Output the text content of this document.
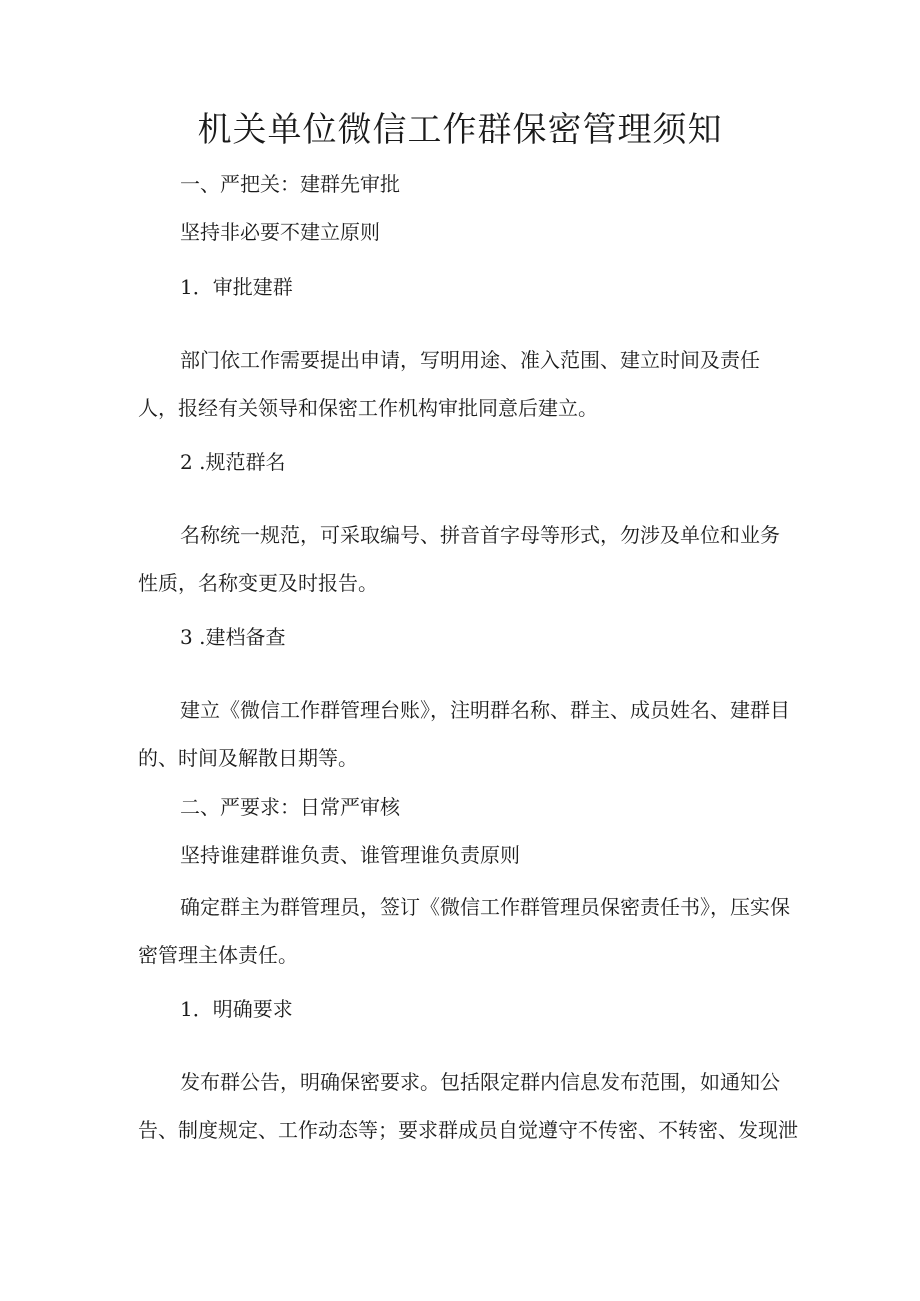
机关单位微信工作群保密管理须知

一、严把关：建群先审批

坚持非必要不建立原则

1．审批建群

部门依工作需要提出申请，写明用途、准入范围、建立时间及责任人，报经有关领导和保密工作机构审批同意后建立。

2 .规范群名

名称统一规范，可采取编号、拼音首字母等形式，勿涉及单位和业务性质，名称变更及时报告。

3 .建档备查

建立《微信工作群管理台账》，注明群名称、群主、成员姓名、建群目的、时间及解散日期等。

二、严要求：日常严审核

坚持谁建群谁负责、谁管理谁负责原则

确定群主为群管理员，签订《微信工作群管理员保密责任书》，压实保密管理主体责任。

1．明确要求

发布群公告，明确保密要求。包括限定群内信息发布范围，如通知公告、制度规定、工作动态等；要求群成员自觉遵守不传密、不转密、发现泄
